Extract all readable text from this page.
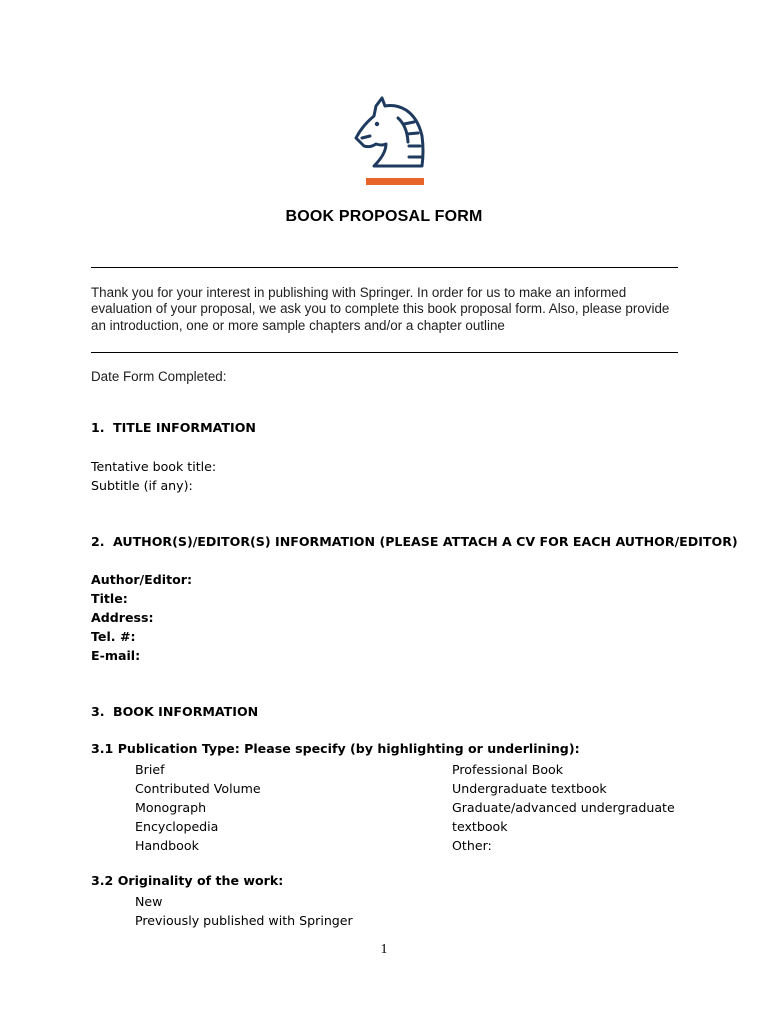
BOOK PROPOSAL FORM
Thank you for your interest in publishing with Springer. In order for us to make an informed evaluation of your proposal, we ask you to complete this book proposal form. Also, please provide an introduction, one or more sample chapters and/or a chapter outline
Date Form Completed:
1. TITLE INFORMATION
Tentative book title:
Subtitle (if any):
2. AUTHOR(S)/EDITOR(S) INFORMATION (PLEASE ATTACH A CV FOR EACH AUTHOR/EDITOR)
Author/Editor:
Title:
Address:
Tel. #:
E-mail:
3. BOOK INFORMATION
3.1 Publication Type: Please specify (by highlighting or underlining):
Brief
Contributed Volume
Monograph
Encyclopedia
Handbook
Professional Book
Undergraduate textbook
Graduate/advanced undergraduate
textbook
Other:
3.2 Originality of the work:
New
Previously published with Springer
1
